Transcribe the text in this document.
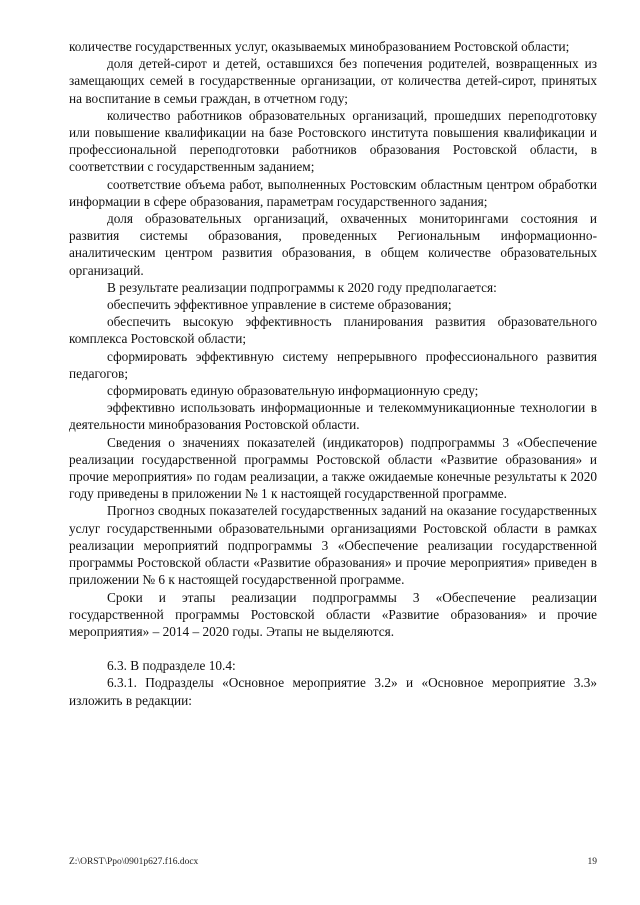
количестве государственных услуг, оказываемых минобразованием Ростовской области;

доля детей-сирот и детей, оставшихся без попечения родителей, возвращенных из замещающих семей в государственные организации, от количества детей-сирот, принятых на воспитание в семьи граждан, в отчетном году;

количество работников образовательных организаций, прошедших переподготовку или повышение квалификации на базе Ростовского института повышения квалификации и профессиональной переподготовки работников образования Ростовской области, в соответствии с государственным заданием;

соответствие объема работ, выполненных Ростовским областным центром обработки информации в сфере образования, параметрам государственного задания;

доля образовательных организаций, охваченных мониторингами состояния и развития системы образования, проведенных Региональным информационно-аналитическим центром развития образования, в общем количестве образовательных организаций.

В результате реализации подпрограммы к 2020 году предполагается:

обеспечить эффективное управление в системе образования;

обеспечить высокую эффективность планирования развития образовательного комплекса Ростовской области;

сформировать эффективную систему непрерывного профессионального развития педагогов;

сформировать единую образовательную информационную среду;

эффективно использовать информационные и телекоммуникационные технологии в деятельности минобразования Ростовской области.

Сведения о значениях показателей (индикаторов) подпрограммы 3 «Обеспечение реализации государственной программы Ростовской области «Развитие образования» и прочие мероприятия» по годам реализации, а также ожидаемые конечные результаты к 2020 году приведены в приложении № 1 к настоящей государственной программе.

Прогноз сводных показателей государственных заданий на оказание государственных услуг государственными образовательными организациями Ростовской области в рамках реализации мероприятий подпрограммы 3 «Обеспечение реализации государственной программы Ростовской области «Развитие образования» и прочие мероприятия» приведен в приложении № 6 к настоящей государственной программе.

Сроки и этапы реализации подпрограммы 3 «Обеспечение реализации государственной программы Ростовской области «Развитие образования» и прочие мероприятия» – 2014 – 2020 годы. Этапы не выделяются.

6.3. В подразделе 10.4:

6.3.1. Подразделы «Основное мероприятие 3.2» и «Основное мероприятие 3.3» изложить в редакции:

Z:\ORST\Ppo\0901p627.f16.docx	19
